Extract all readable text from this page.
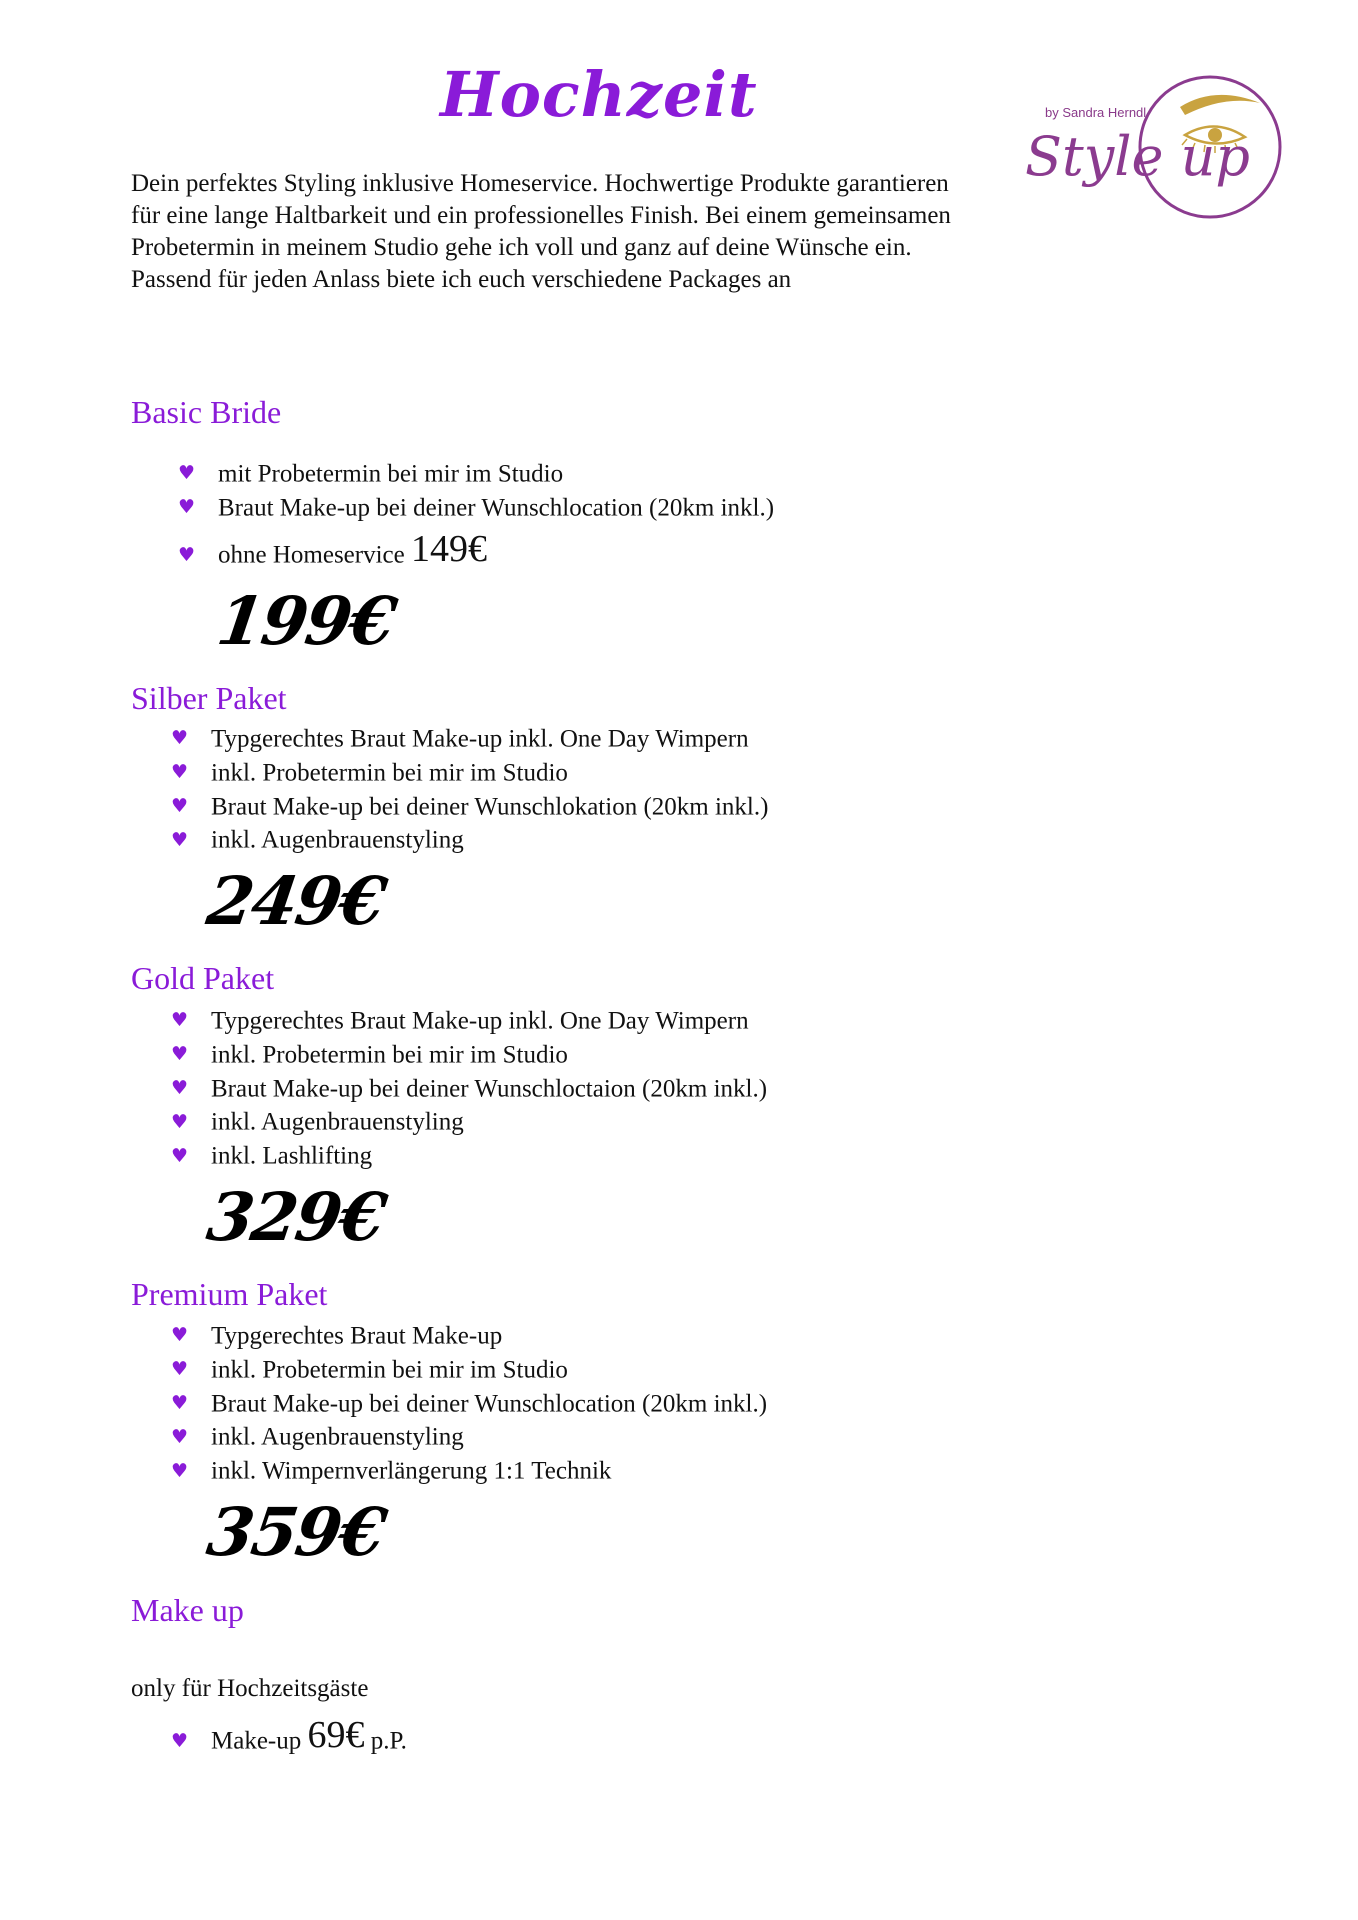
Hochzeit
Style up
by Sandra Herndl

Dein perfektes Styling inklusive Homeservice. Hochwertige Produkte garantieren für eine lange Haltbarkeit und ein professionelles Finish. Bei einem gemeinsamen Probetermin in meinem Studio gehe ich voll und ganz auf deine Wünsche ein. Passend für jeden Anlass biete ich euch verschiedene Packages an

Basic Bride
♥ mit Probetermin bei mir im Studio
♥ Braut Make-up bei deiner Wunschlocation (20km inkl.)
♥ ohne Homeservice 149€

199€

Silber Paket
♥ Typgerechtes Braut Make-up inkl. One Day Wimpern
♥ inkl. Probetermin bei mir im Studio
♥ Braut Make-up bei deiner Wunschlokation (20km inkl.)
♥ inkl. Augenbrauenstyling

249€

Gold Paket
♥ Typgerechtes Braut Make-up inkl. One Day Wimpern
♥ inkl. Probetermin bei mir im Studio
♥ Braut Make-up bei deiner Wunschloctaion (20km inkl.)
♥ inkl. Augenbrauenstyling
♥ inkl. Lashlifting

329€

Premium Paket
♥ Typgerechtes Braut Make-up
♥ inkl. Probetermin bei mir im Studio
♥ Braut Make-up bei deiner Wunschlocation (20km inkl.)
♥ inkl. Augenbrauenstyling
♥ inkl. Wimpernverlängerung 1:1 Technik

359€

Make up

only für Hochzeitsgäste

♥ Make-up 69€ p.P.
